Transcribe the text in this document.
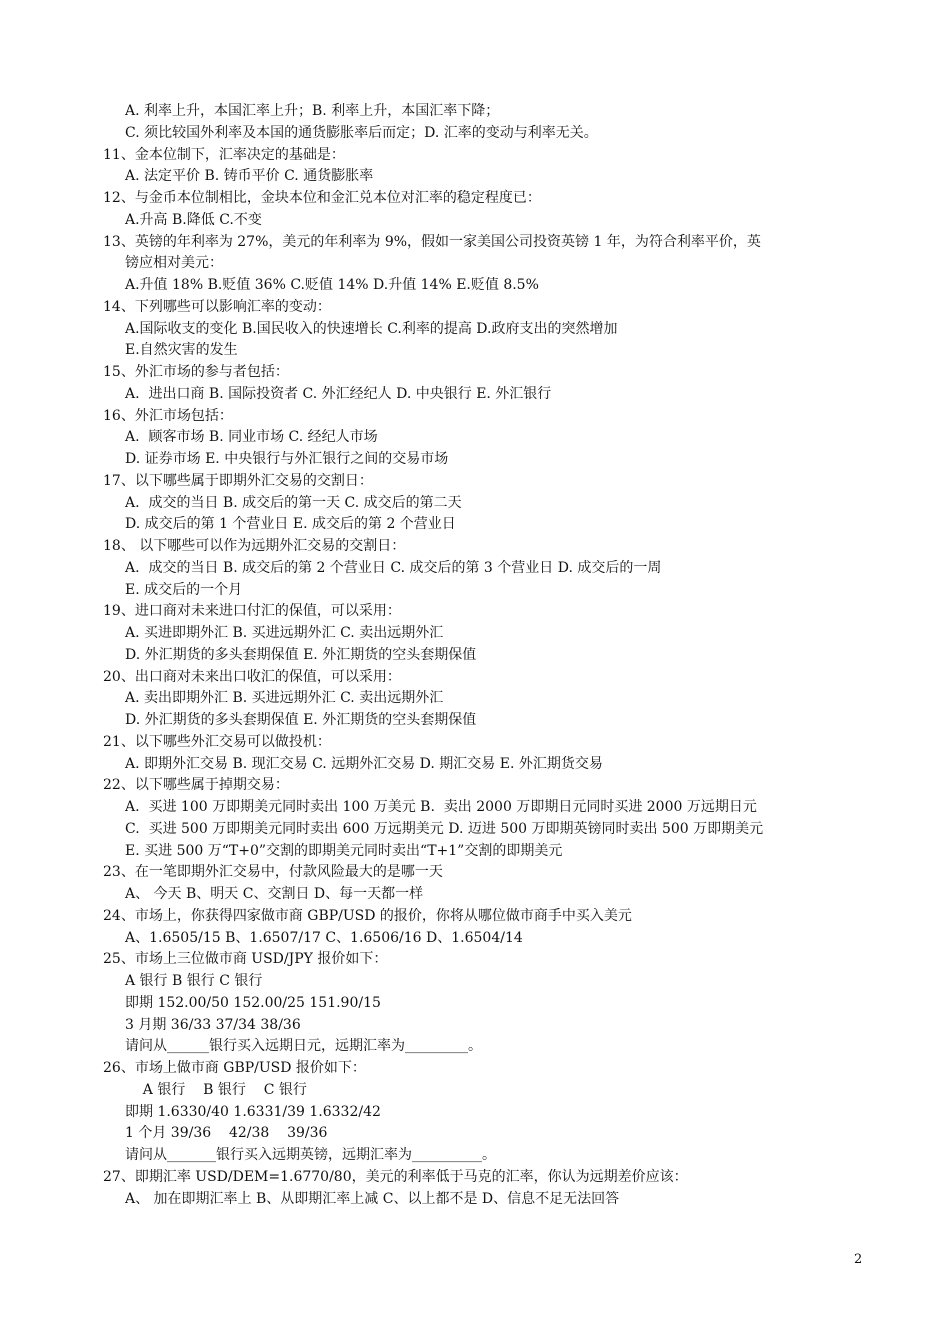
A. 利率上升，本国汇率上升；B. 利率上升，本国汇率下降；
C. 须比较国外利率及本国的通货膨胀率后而定；D. 汇率的变动与利率无关。
11、金本位制下，汇率决定的基础是：
A. 法定平价 B. 铸币平价 C. 通货膨胀率
12、与金币本位制相比，金块本位和金汇兑本位对汇率的稳定程度已：
A.升高 B.降低 C.不变
13、英镑的年利率为 27%，美元的年利率为 9%，假如一家美国公司投资英镑 1 年，为符合利率平价，英
镑应相对美元：
A.升值 18% B.贬值 36% C.贬值 14% D.升值 14% E.贬值 8.5%
14、下列哪些可以影响汇率的变动：
A.国际收支的变化 B.国民收入的快速增长 C.利率的提高 D.政府支出的突然增加
E.自然灾害的发生
15、外汇市场的参与者包括：
A.  进出口商 B. 国际投资者 C. 外汇经纪人 D. 中央银行 E. 外汇银行
16、外汇市场包括：
A.  顾客市场 B. 同业市场 C. 经纪人市场
D. 证券市场 E. 中央银行与外汇银行之间的交易市场
17、以下哪些属于即期外汇交易的交割日：
A.  成交的当日 B. 成交后的第一天 C. 成交后的第二天
D. 成交后的第 1 个营业日 E. 成交后的第 2 个营业日
18、 以下哪些可以作为远期外汇交易的交割日：
A.  成交的当日 B. 成交后的第 2 个营业日 C. 成交后的第 3 个营业日 D. 成交后的一周
E. 成交后的一个月
19、进口商对未来进口付汇的保值，可以采用：
A. 买进即期外汇 B. 买进远期外汇 C. 卖出远期外汇
D. 外汇期货的多头套期保值 E. 外汇期货的空头套期保值
20、出口商对未来出口收汇的保值，可以采用：
A. 卖出即期外汇 B. 买进远期外汇 C. 卖出远期外汇
D. 外汇期货的多头套期保值 E. 外汇期货的空头套期保值
21、以下哪些外汇交易可以做投机：
A. 即期外汇交易 B. 现汇交易 C. 远期外汇交易 D. 期汇交易 E. 外汇期货交易
22、以下哪些属于掉期交易：
A.  买进 100 万即期美元同时卖出 100 万美元 B.  卖出 2000 万即期日元同时买进 2000 万远期日元
C.  买进 500 万即期美元同时卖出 600 万远期美元 D. 迈进 500 万即期英镑同时卖出 500 万即期美元
E. 买进 500 万“T+0”交割的即期美元同时卖出“T+1”交割的即期美元
23、在一笔即期外汇交易中，付款风险最大的是哪一天
A、 今天 B、明天 C、交割日 D、每一天都一样
24、市场上，你获得四家做市商 GBP/USD 的报价，你将从哪位做市商手中买入美元
A、1.6505/15 B、1.6507/17 C、1.6506/16 D、1.6504/14
25、市场上三位做市商 USD/JPY 报价如下：
A 银行 B 银行 C 银行
即期 152.00/50 152.00/25 151.90/15
3 月期 36/33 37/34 38/36
请问从______银行买入远期日元，远期汇率为_________。
26、市场上做市商 GBP/USD 报价如下：
A 银行    B 银行    C 银行
即期 1.6330/40 1.6331/39 1.6332/42
1 个月 39/36    42/38    39/36
请问从_______银行买入远期英镑，远期汇率为__________。
27、即期汇率 USD/DEM=1.6770/80，美元的利率低于马克的汇率，你认为远期差价应该：
A、 加在即期汇率上 B、从即期汇率上减 C、以上都不是 D、信息不足无法回答
2
